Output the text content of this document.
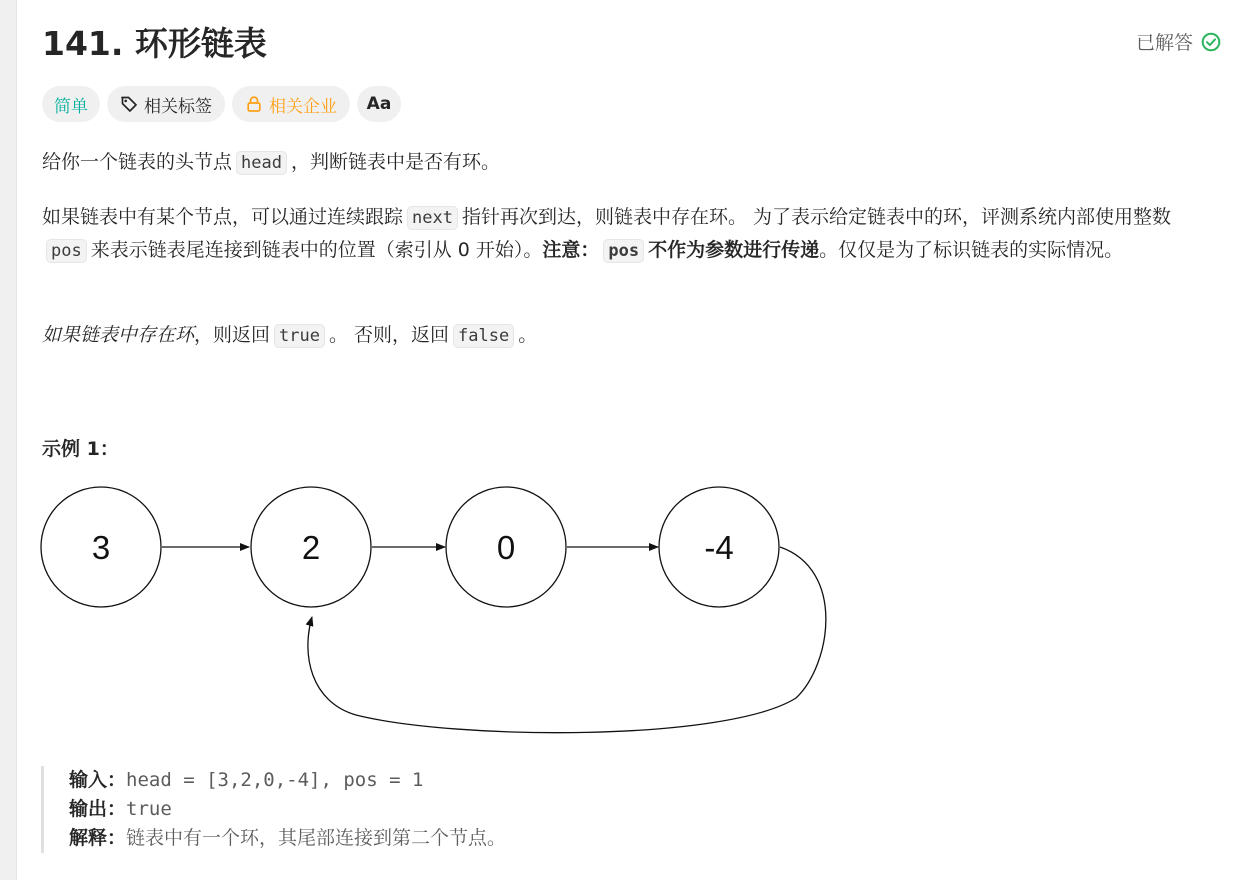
141. 环形链表	已解答
简单	相关标签	相关企业 Aa

给你一个链表的头节点 head ，判断链表中是否有环。

如果链表中有某个节点，可以通过连续跟踪 next 指针再次到达，则链表中存在环。 为了表示给定链表中的环，评测系统内部使用整数pos 来表示链表尾连接到链表中的位置（索引从 0 开始）。注意： pos 不作为参数进行传递。仅仅是为了标识链表的实际情况。

如果链表中存在环，则返回 true 。 否则，返回 false 。

示例 1：
3	2	0	-4
输入：head = [3,2,0,-4], pos = 1
输出：true
解释：链表中有一个环，其尾部连接到第二个节点。
